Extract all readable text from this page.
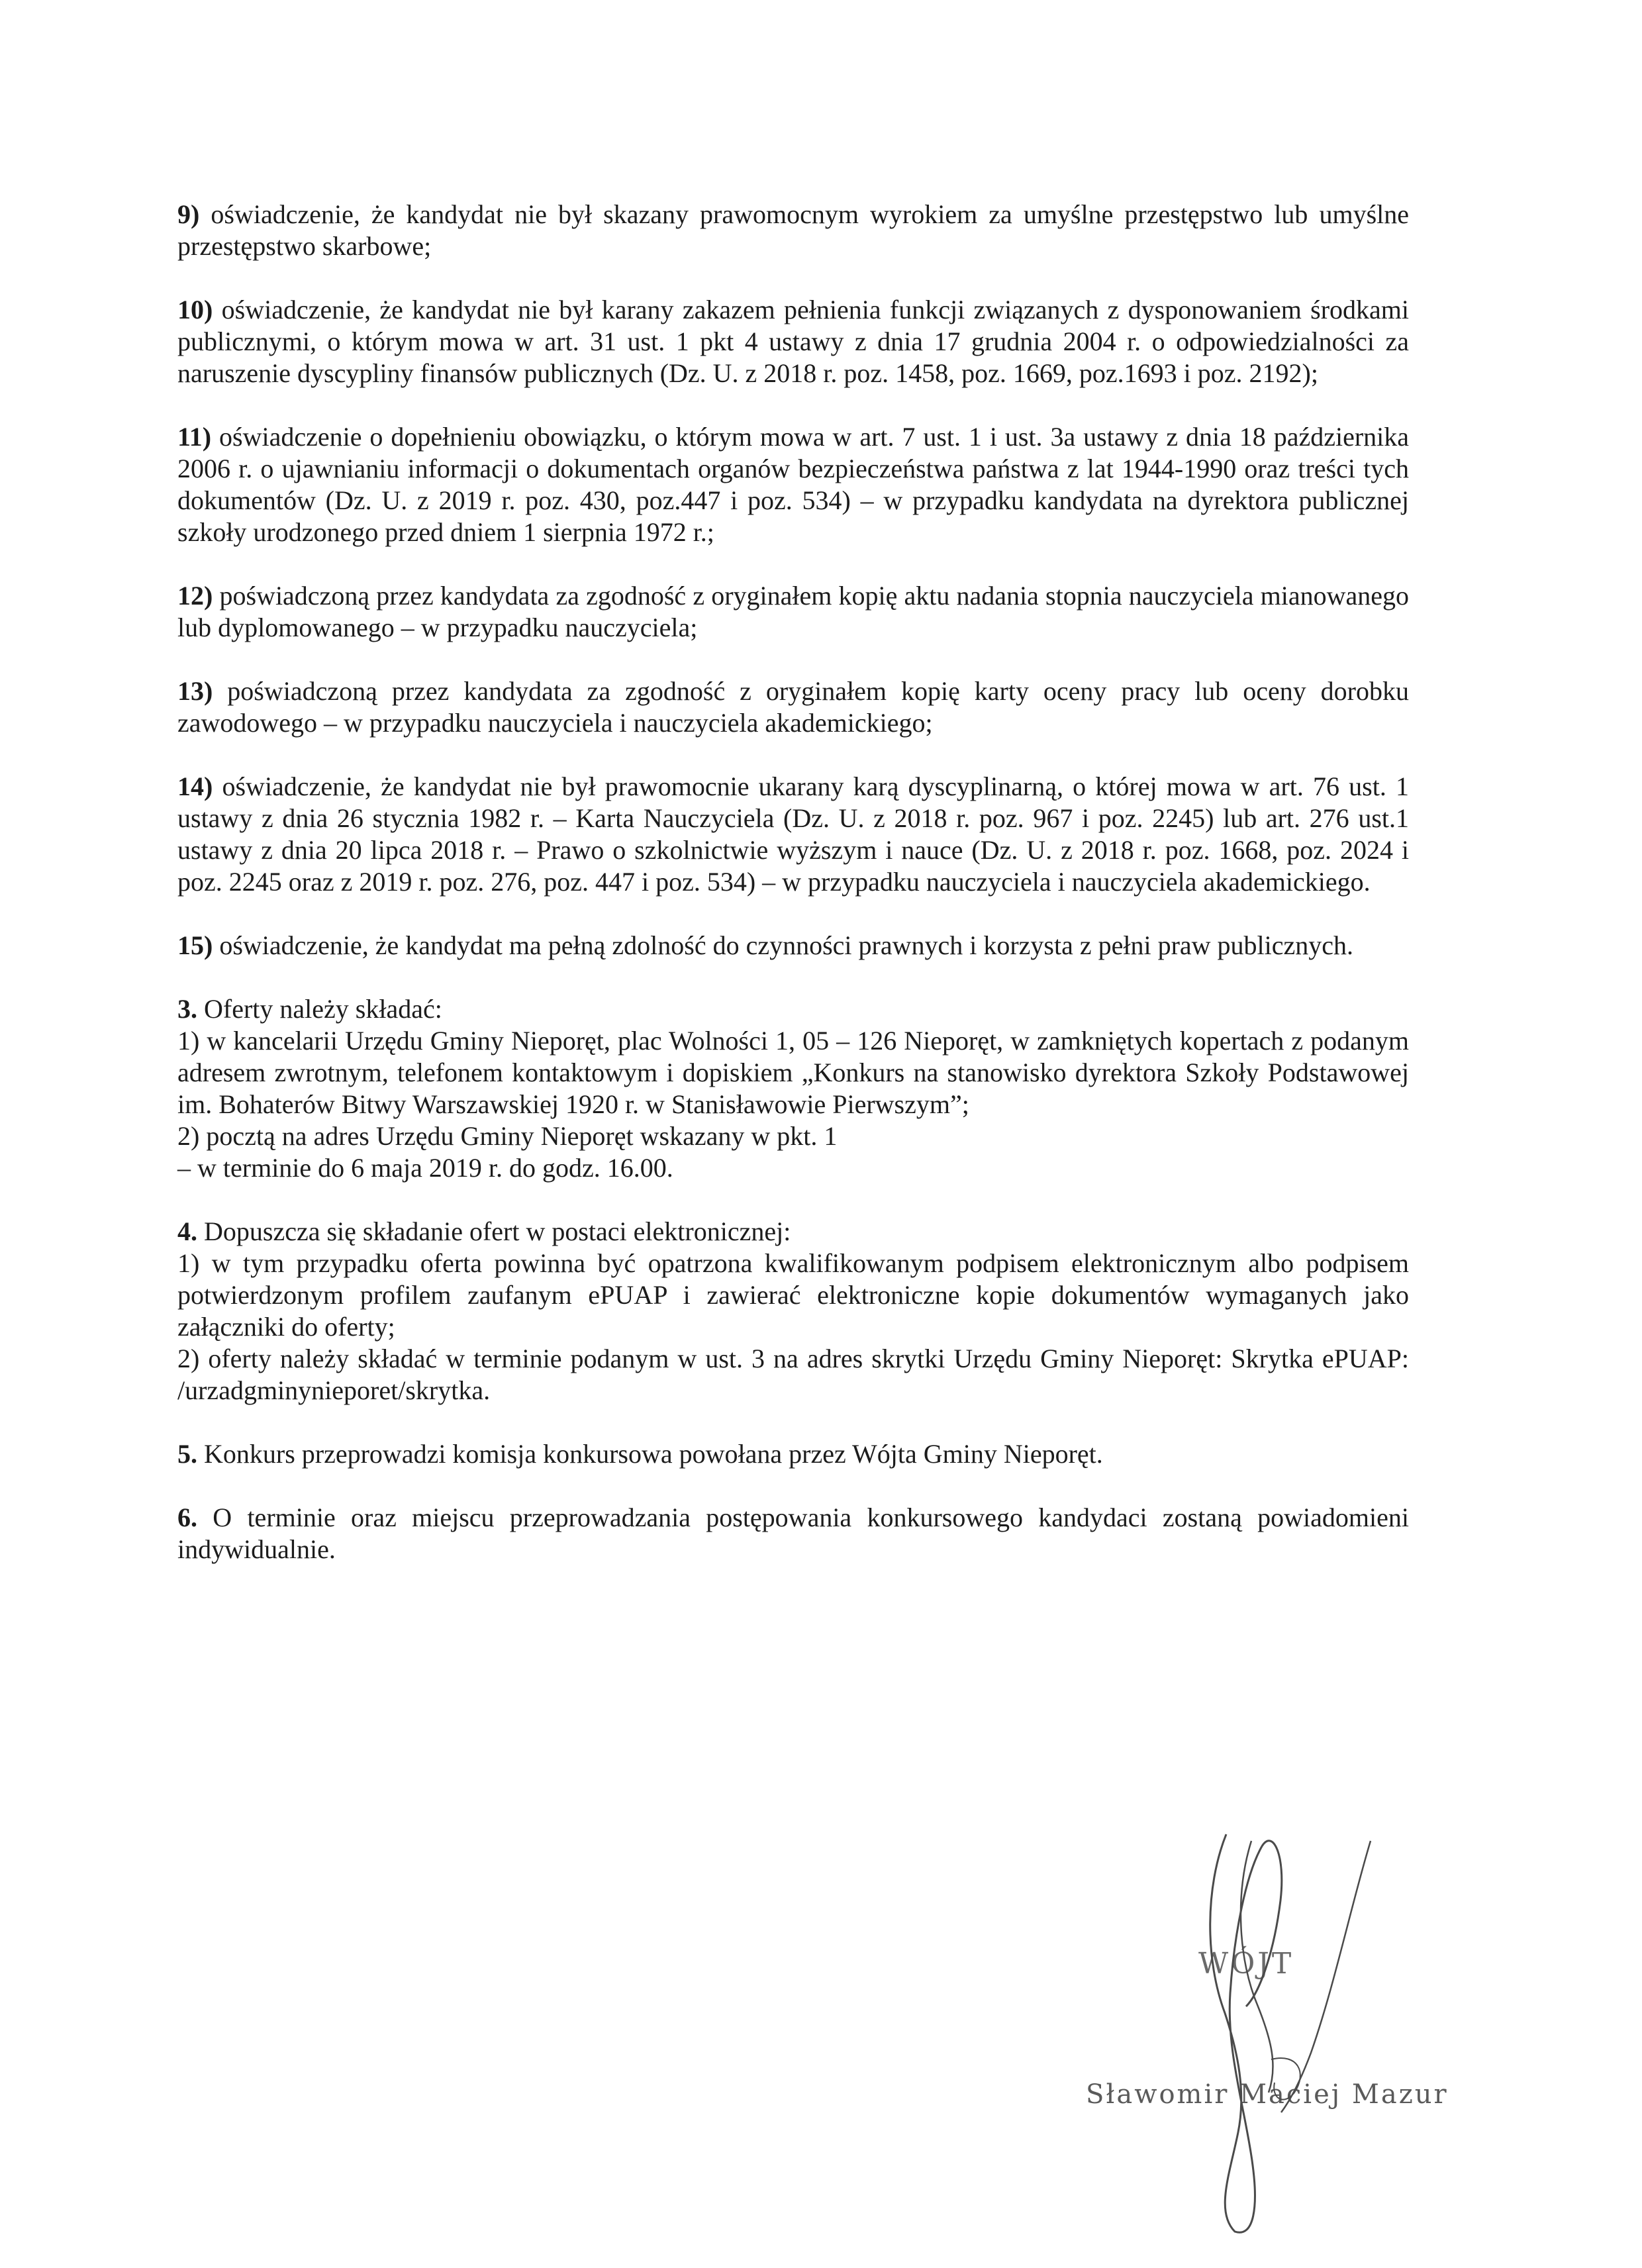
9) oświadczenie, że kandydat nie był skazany prawomocnym wyrokiem za umyślne przestępstwo lub umyślne przestępstwo skarbowe;

10) oświadczenie, że kandydat nie był karany zakazem pełnienia funkcji związanych z dysponowaniem środkami publicznymi, o którym mowa w art. 31 ust. 1 pkt 4 ustawy z dnia 17 grudnia 2004 r. o odpowiedzialności za naruszenie dyscypliny finansów publicznych (Dz. U. z 2018 r. poz. 1458, poz. 1669, poz.1693 i poz. 2192);

11) oświadczenie o dopełnieniu obowiązku, o którym mowa w art. 7 ust. 1 i ust. 3a ustawy z dnia 18 października 2006 r. o ujawnianiu informacji o dokumentach organów bezpieczeństwa państwa z lat 1944-1990 oraz treści tych dokumentów (Dz. U. z 2019 r. poz. 430, poz.447 i poz. 534) – w przypadku kandydata na dyrektora publicznej szkoły urodzonego przed dniem 1 sierpnia 1972 r.;

12) poświadczoną przez kandydata za zgodność z oryginałem kopię aktu nadania stopnia nauczyciela mianowanego lub dyplomowanego – w przypadku nauczyciela;

13) poświadczoną przez kandydata za zgodność z oryginałem kopię karty oceny pracy lub oceny dorobku zawodowego – w przypadku nauczyciela i nauczyciela akademickiego;

14) oświadczenie, że kandydat nie był prawomocnie ukarany karą dyscyplinarną, o której mowa w art. 76 ust. 1 ustawy z dnia 26 stycznia 1982 r. – Karta Nauczyciela (Dz. U. z 2018 r. poz. 967 i poz. 2245) lub art. 276 ust.1 ustawy z dnia 20 lipca 2018 r. – Prawo o szkolnictwie wyższym i nauce (Dz. U. z 2018 r. poz. 1668, poz. 2024 i poz. 2245 oraz z 2019 r. poz. 276, poz. 447 i poz. 534) – w przypadku nauczyciela i nauczyciela akademickiego.

15) oświadczenie, że kandydat ma pełną zdolność do czynności prawnych i korzysta z pełni praw publicznych.

3. Oferty należy składać:
1) w kancelarii Urzędu Gminy Nieporęt, plac Wolności 1, 05 – 126 Nieporęt, w zamkniętych kopertach z podanym adresem zwrotnym, telefonem kontaktowym i dopiskiem „Konkurs na stanowisko dyrektora Szkoły Podstawowej im. Bohaterów Bitwy Warszawskiej 1920 r. w Stanisławowie Pierwszym”;
2) pocztą na adres Urzędu Gminy Nieporęt wskazany w pkt. 1
– w terminie do 6 maja 2019 r. do godz. 16.00.
4. Dopuszcza się składanie ofert w postaci elektronicznej:
1) w tym przypadku oferta powinna być opatrzona kwalifikowanym podpisem elektronicznym albo podpisem potwierdzonym profilem zaufanym ePUAP i zawierać elektroniczne kopie dokumentów wymaganych jako załączniki do oferty;
2) oferty należy składać w terminie podanym w ust. 3 na adres skrytki Urzędu Gminy Nieporęt: Skrytka ePUAP: /urzadgminynieporet/skrytka.

5. Konkurs przeprowadzi komisja konkursowa powołana przez Wójta Gminy Nieporęt.

6. O terminie oraz miejscu przeprowadzania postępowania konkursowego kandydaci zostaną powiadomieni indywidualnie.

WÓJT
Sławomir Maciej Mazur
